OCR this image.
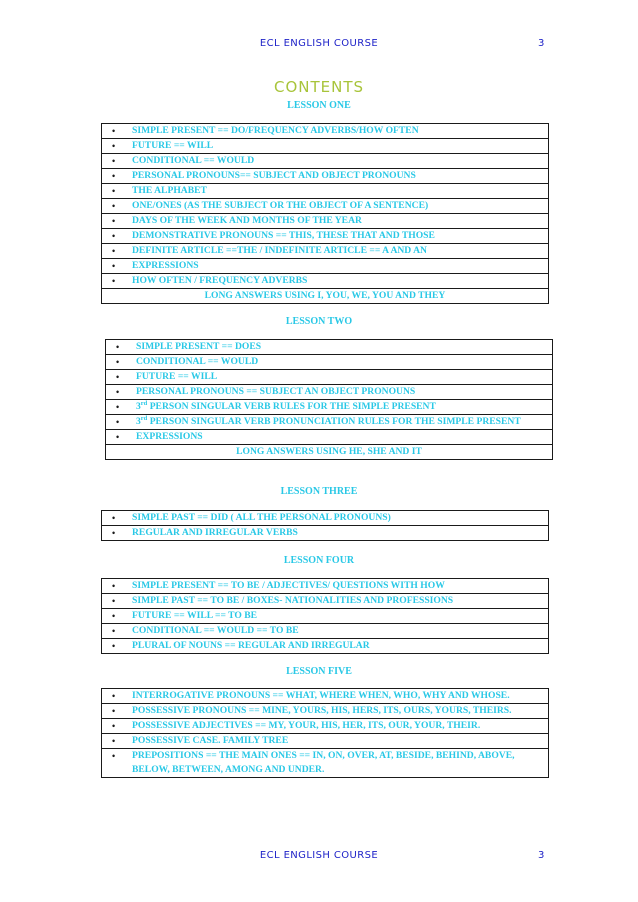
ECL ENGLISH COURSE	3
CONTENTS
LESSON ONE
• SIMPLE PRESENT == DO/FREQUENCY ADVERBS/HOW OFTEN
• FUTURE == WILL
• CONDITIONAL == WOULD
• PERSONAL PRONOUNS== SUBJECT AND OBJECT PRONOUNS
• THE ALPHABET
• ONE/ONES (AS THE SUBJECT OR THE OBJECT OF A SENTENCE)
• DAYS OF THE WEEK AND MONTHS OF THE YEAR
• DEMONSTRATIVE PRONOUNS == THIS, THESE THAT AND THOSE
• DEFINITE ARTICLE ==THE / INDEFINITE ARTICLE == A AND AN
• EXPRESSIONS
• HOW OFTEN / FREQUENCY ADVERBS
LONG ANSWERS USING I, YOU, WE, YOU AND THEY
LESSON TWO
• SIMPLE PRESENT == DOES
• CONDITIONAL == WOULD
• FUTURE == WILL
• PERSONAL PRONOUNS == SUBJECT AN OBJECT PRONOUNS
• 3rd PERSON SINGULAR VERB RULES FOR THE SIMPLE PRESENT
• 3rd PERSON SINGULAR VERB PRONUNCIATION RULES FOR THE SIMPLE PRESENT
• EXPRESSIONS
LONG ANSWERS USING HE, SHE AND IT
LESSON THREE
• SIMPLE PAST == DID ( ALL THE PERSONAL PRONOUNS)
• REGULAR AND IRREGULAR VERBS
LESSON FOUR
• SIMPLE PRESENT == TO BE / ADJECTIVES/ QUESTIONS WITH HOW
• SIMPLE PAST == TO BE / BOXES- NATIONALITIES AND PROFESSIONS
• FUTURE == WILL == TO BE
• CONDITIONAL == WOULD == TO BE
• PLURAL OF NOUNS == REGULAR AND IRREGULAR
LESSON FIVE
• INTERROGATIVE PRONOUNS == WHAT, WHERE WHEN, WHO, WHY AND WHOSE.
• POSSESSIVE PRONOUNS == MINE, YOURS, HIS, HERS, ITS, OURS, YOURS, THEIRS.
• POSSESSIVE ADJECTIVES == MY, YOUR, HIS, HER, ITS, OUR, YOUR, THEIR.
• POSSESSIVE CASE. FAMILY TREE
• PREPOSITIONS == THE MAIN ONES == IN, ON, OVER, AT, BESIDE, BEHIND, ABOVE, BELOW, BETWEEN, AMONG AND UNDER.
ECL ENGLISH COURSE	3
